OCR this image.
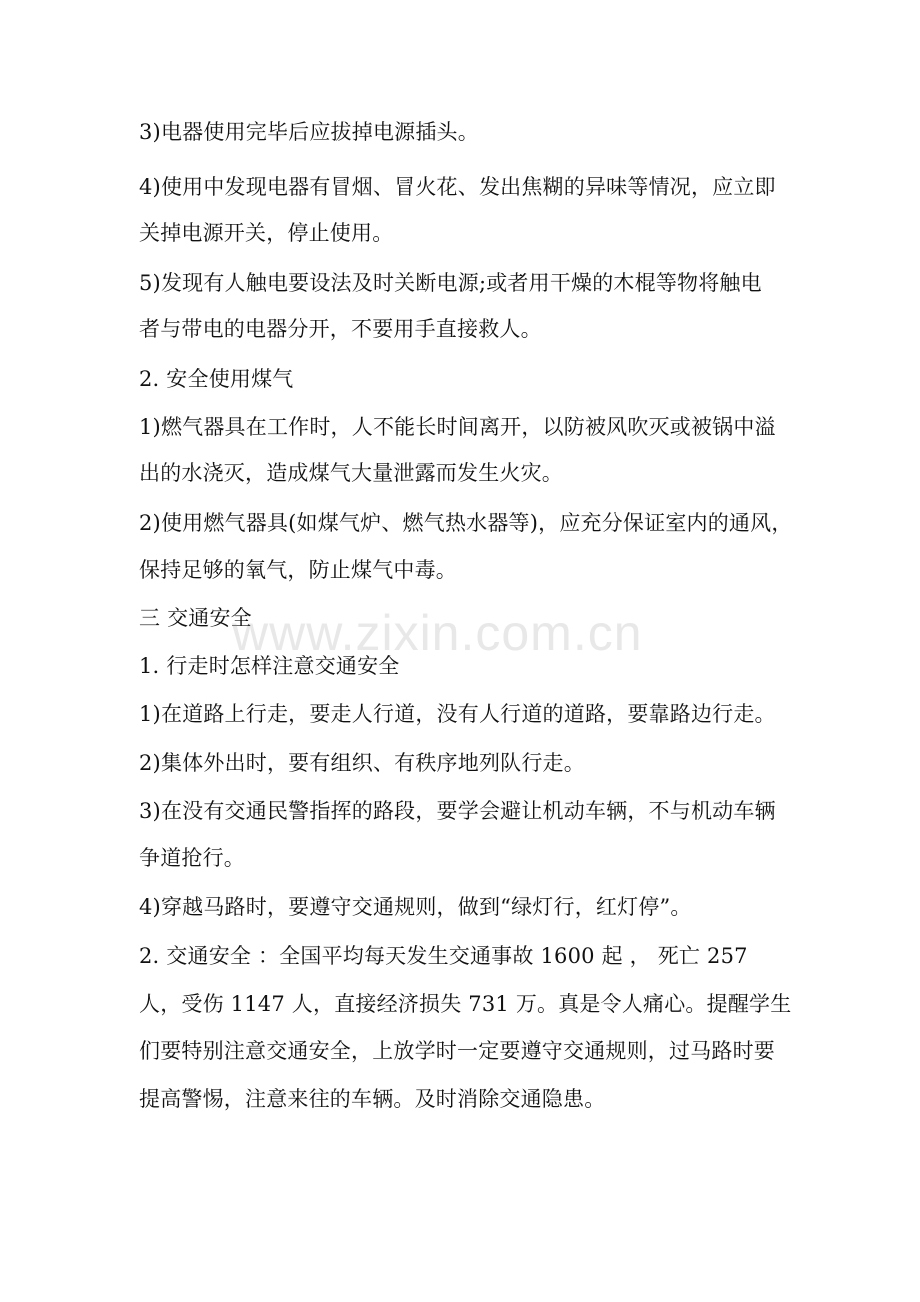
3)电器使用完毕后应拔掉电源插头。
4)使用中发现电器有冒烟、冒火花、发出焦糊的异味等情况，应立即
关掉电源开关，停止使用。
5)发现有人触电要设法及时关断电源;或者用干燥的木棍等物将触电
者与带电的电器分开，不要用手直接救人。
2. 安全使用煤气
1)燃气器具在工作时，人不能长时间离开，以防被风吹灭或被锅中溢
出的水浇灭，造成煤气大量泄露而发生火灾。
2)使用燃气器具(如煤气炉、燃气热水器等)，应充分保证室内的通风，
保持足够的氧气，防止煤气中毒。
三 交通安全
1. 行走时怎样注意交通安全
1)在道路上行走，要走人行道，没有人行道的道路，要靠路边行走。
2)集体外出时，要有组织、有秩序地列队行走。
3)在没有交通民警指挥的路段，要学会避让机动车辆，不与机动车辆
争道抢行。
4)穿越马路时，要遵守交通规则，做到“绿灯行，红灯停”。
2. 交通安全 ：全国平均每天发生交通事故 1600 起 ， 死亡 257
人，受伤 1147 人，直接经济损失 731 万。真是令人痛心。提醒学生
们要特别注意交通安全，上放学时一定要遵守交通规则，过马路时要
提高警惕，注意来往的车辆。及时消除交通隐患。
www.zixin.com.cn
